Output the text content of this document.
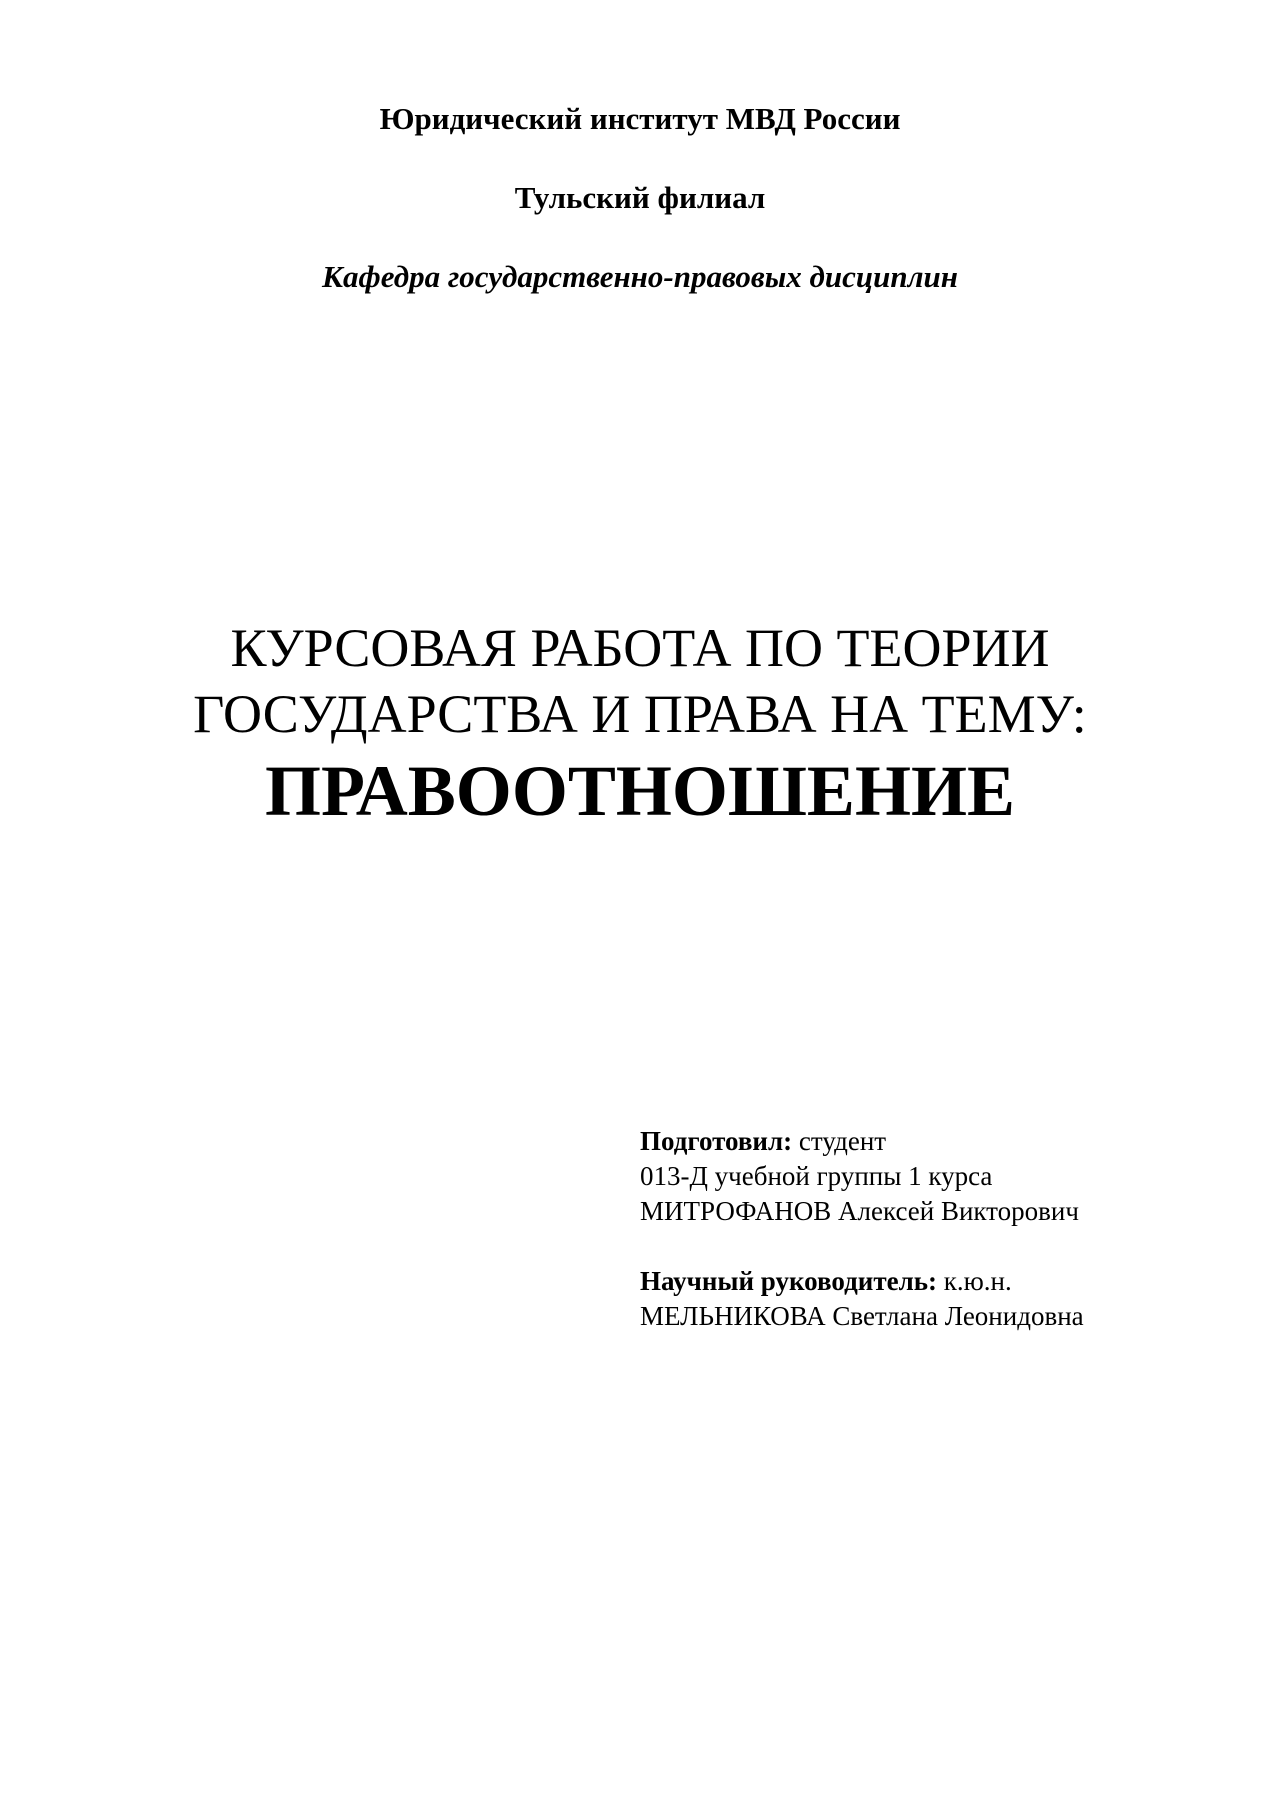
Юридический институт МВД России
Тульский филиал
Кафедра государственно-правовых дисциплин
КУРСОВАЯ РАБОТА ПО ТЕОРИИ
ГОСУДАРСТВА И ПРАВА НА ТЕМУ:
ПРАВООТНОШЕНИЕ
Подготовил: студент
013-Д учебной группы 1 курса
МИТРОФАНОВ Алексей Викторович
Научный руководитель: к.ю.н.
МЕЛЬНИКОВА Светлана Леонидовна
